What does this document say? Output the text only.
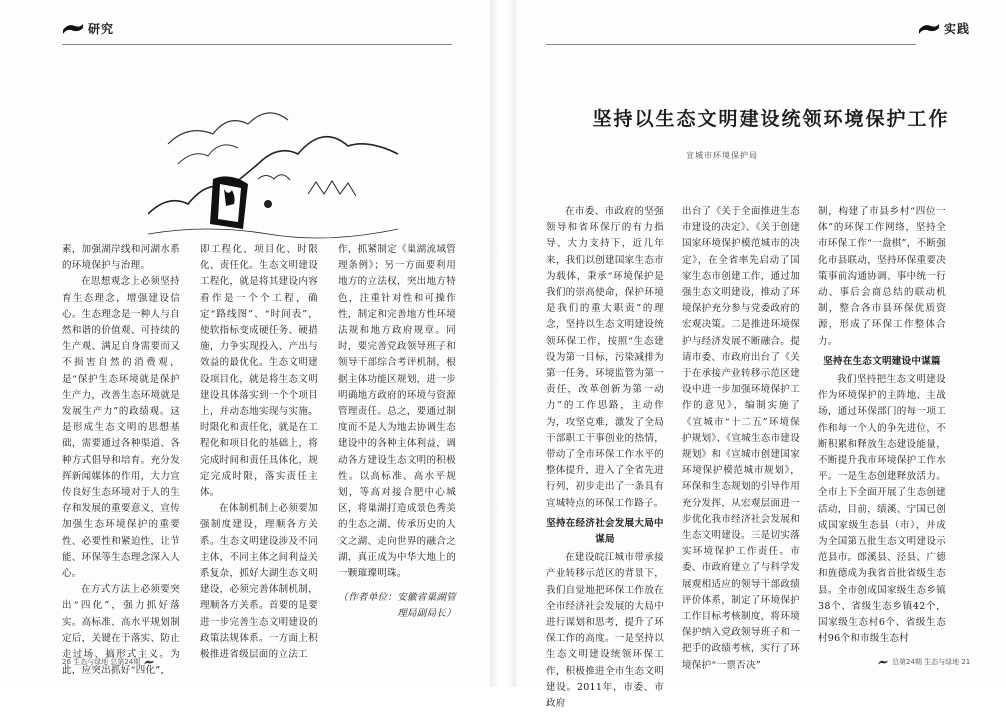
研究

素，加强湖岸线和河湖水系的环境保护与治理。

在思想观念上必须坚持育生态理念，增强建设信心。生态理念是一种人与自然和谐的价值观、可持续的生产观、满足自身需要而又不损害自然的消费观，是“保护生态环境就是保护生产力，改善生态环境就是发展生产力”的政绩观。这是形成生态文明的思想基础，需要通过各种渠道、各种方式倡导和培育。充分发挥新闻媒体的作用，大力宣传良好生态环境对于人的生存和发展的重要意义，宣传加强生态环境保护的重要性、必要性和紧迫性，让节能、环保等生态理念深入人心。

在方式方法上必须要突出“四化”，强力抓好落实。高标准、高水平规划制定后，关键在于落实、防止走过场、搞形式主义。为此，应突出抓好“四化”，

即工程化、项目化、时限化、责任化。生态文明建设工程化，就是将其建设内容看作是一个个工程，确定“路线图”、“时间表”，使软指标变成硬任务、硬措施，力争实现投入、产出与效益的最优化。生态文明建设项目化，就是将生态文明建设具体落实到一个个项目上，并动态地实现与实施。时限化和责任化，就是在工程化和项目化的基础上，将完成时间和责任具体化，规定完成时限，落实责任主体。

在体制机制上必须要加强制度建设，理顺各方关系。生态文明建设涉及不同主体，不同主体之间利益关系复杂，抓好大湖生态文明建设，必须完善体制机制，理顺各方关系。首要的是要进一步完善生态文明建设的政策法规体系。一方面上积极推进省级层面的立法工

作，抓紧制定《巢湖流域管理条例》；另一方面要利用地方的立法权，突出地方特色，注重针对性和可操作性，制定和完善地方性环境法规和地方政府规章。同时，要完善党政领导班子和领导干部综合考评机制，根据主体功能区规划，进一步明确地方政府的环境与资源管理责任。总之，要通过制度而不是人为地去协调生态建设中的各种主体利益，调动各方建设生态文明的积极性。以高标准、高水平规划，等高对接合肥中心城区，将巢湖打造成景色秀美的生态之湖、传承历史的人文之湖、走向世界的融合之湖，真正成为中华大地上的一颗璀璨明珠。

（作者单位：安徽省巢湖管理局副局长）

26 生态与绿地 总第24期
实践
坚持以生态文明建设统领环境保护工作
宣城市环境保护局

在市委、市政府的坚强领导和省环保厅的有力指导、大力支持下，近几年来，我们以创建国家生态市为载体，秉承“环境保护是我们的崇高使命，保护环境是我们的重大职责”的理念，坚持以生态文明建设统领环保工作，按照“生态建设为第一目标，污染减排为第一任务，环境监管为第一责任，改革创新为第一动力”的工作思路，主动作为，攻坚克难，激发了全局干部职工干事创业的热情，带动了全市环保工作水平的整体提升，进入了全省先进行列，初步走出了一条具有宣城特点的环保工作路子。

坚持在经济社会发展大局中谋局

在建设皖江城市带承接产业转移示范区的背景下，我们自觉地把环保工作放在全市经济社会发展的大局中进行谋划和思考，提升了环保工作的高度。一是坚持以生态文明建设统领环保工作，积极推进全市生态文明建设。2011年，市委、市政府

出台了《关于全面推进生态市建设的决定》、《关于创建国家环境保护模范城市的决定》，在全省率先启动了国家生态市创建工作，通过加强生态文明建设，推动了环境保护充分参与党委政府的宏观决策。二是推进环境保护与经济发展不断融合。提请市委、市政府出台了《关于在承接产业转移示范区建设中进一步加强环境保护工作的意见》，编制实施了《宣城市“十二五”环境保护规划》、《宣城生态市建设规划》和《宣城市创建国家环境保护模范城市规划》，环保和生态规划的引导作用充分发挥，从宏观层面进一步优化我市经济社会发展和生态文明建设。三是切实落实环境保护工作责任。市委、市政府建立了与科学发展观相适应的领导干部政绩评价体系，制定了环境保护工作目标考核制度，将环境保护纳入党政领导班子和一把手的政绩考核，实行了环境保护“一票否决”

制，构建了市县乡村“四位一体”的环保工作网络，坚持全市环保工作“一盘棋”，不断强化市县联动，坚持环保重要决策事前沟通协调、事中统一行动、事后会商总结的联动机制，整合各市县环保优质资源，形成了环保工作整体合力。

坚持在生态文明建设中谋篇

我们坚持把生态文明建设作为环境保护的主阵地、主战场，通过环保部门的每一项工作和每一个人的争先进位，不断积累和释放生态建设能量，不断提升我市环境保护工作水平。一是生态创建释放活力。全市上下全面开展了生态创建活动，目前，绩溪、宁国已创成国家级生态县（市），并成为全国第五批生态文明建设示范县市。郎溪县、泾县、广德和旌德成为我省首批省级生态县。全市创成国家级生态乡镇38个、省级生态乡镇42个，国家级生态村6个、省级生态村96个和市级生态村

总第24期 生态与绿地 21
